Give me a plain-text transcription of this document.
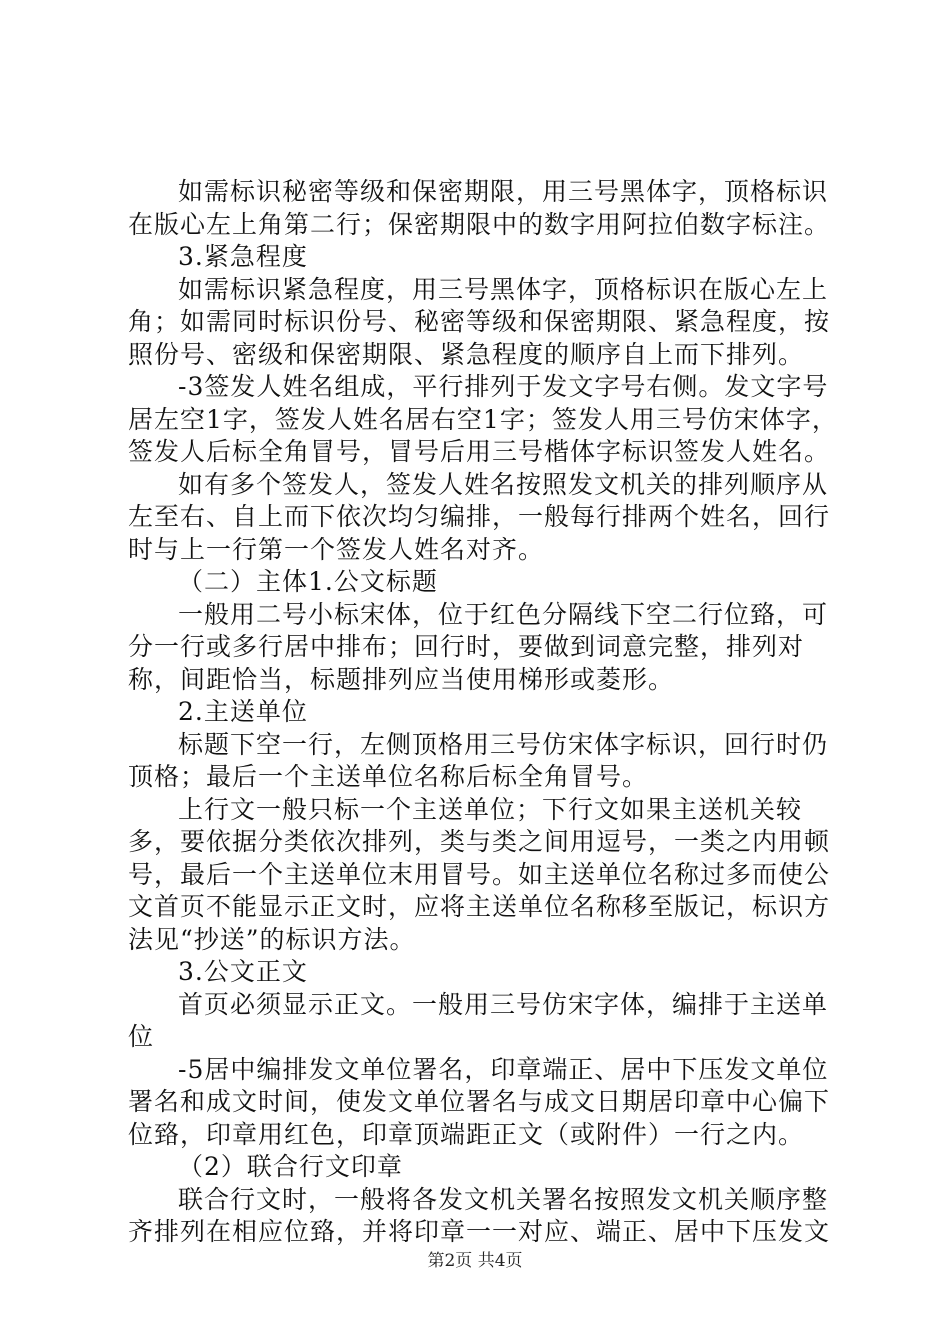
如需标识秘密等级和保密期限，用三号黑体字，顶格标识在版心左上角第二行；保密期限中的数字用阿拉伯数字标注。

3.紧急程度

如需标识紧急程度，用三号黑体字，顶格标识在版心左上角；如需同时标识份号、秘密等级和保密期限、紧急程度，按照份号、密级和保密期限、紧急程度的顺序自上而下排列。

-3签发人姓名组成，平行排列于发文字号右侧。发文字号居左空1字，签发人姓名居右空1字；签发人用三号仿宋体字，签发人后标全角冒号，冒号后用三号楷体字标识签发人姓名。

如有多个签发人，签发人姓名按照发文机关的排列顺序从左至右、自上而下依次均匀编排，一般每行排两个姓名，回行时与上一行第一个签发人姓名对齐。

（二）主体1.公文标题

一般用二号小标宋体，位于红色分隔线下空二行位臵，可分一行或多行居中排布；回行时，要做到词意完整，排列对称，间距恰当，标题排列应当使用梯形或菱形。

2.主送单位

标题下空一行，左侧顶格用三号仿宋体字标识，回行时仍顶格；最后一个主送单位名称后标全角冒号。

上行文一般只标一个主送单位；下行文如果主送机关较多，要依据分类依次排列，类与类之间用逗号，一类之内用顿号，最后一个主送单位末用冒号。如主送单位名称过多而使公文首页不能显示正文时，应将主送单位名称移至版记，标识方法见“抄送”的标识方法。

3.公文正文

首页必须显示正文。一般用三号仿宋字体，编排于主送单位

-5居中编排发文单位署名，印章端正、居中下压发文单位署名和成文时间，使发文单位署名与成文日期居印章中心偏下位臵，印章用红色，印章顶端距正文（或附件）一行之内。

（2）联合行文印章

联合行文时，一般将各发文机关署名按照发文机关顺序整齐排列在相应位臵，并将印章一一对应、端正、居中下压发文

第2页 共4页
